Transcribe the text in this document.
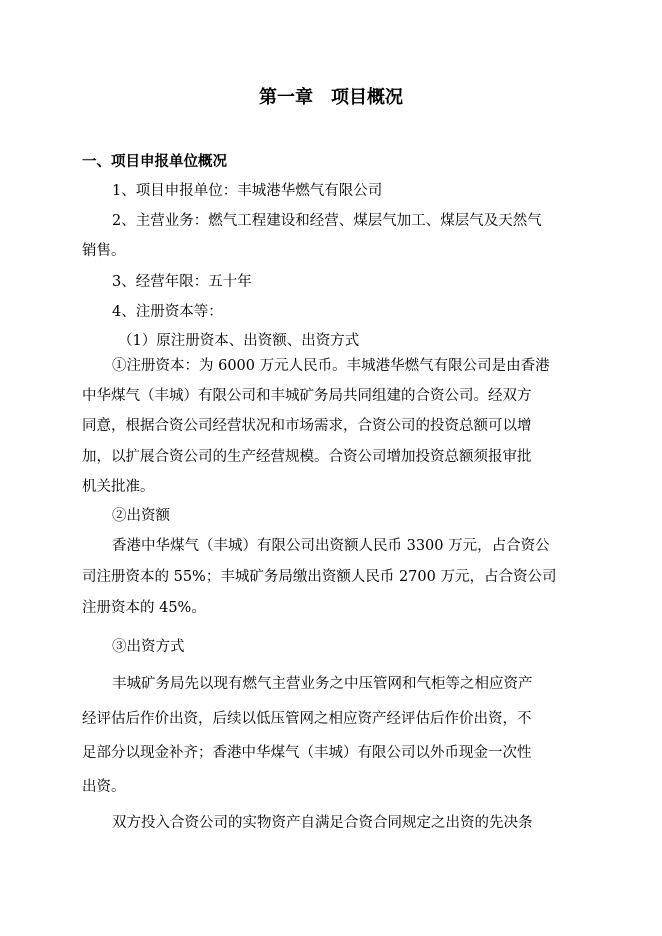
第一章　项目概况
一、项目申报单位概况
1、项目申报单位：丰城港华燃气有限公司
2、主营业务：燃气工程建设和经营、煤层气加工、煤层气及天然气
销售。
3、经营年限：五十年
4、注册资本等：
（1）原注册资本、出资额、出资方式
①注册资本：为 6000 万元人民币。丰城港华燃气有限公司是由香港
中华煤气（丰城）有限公司和丰城矿务局共同组建的合资公司。经双方
同意，根据合资公司经营状况和市场需求，合资公司的投资总额可以增
加，以扩展合资公司的生产经营规模。合资公司增加投资总额须报审批
机关批准。
②出资额
香港中华煤气（丰城）有限公司出资额人民币 3300 万元，占合资公
司注册资本的 55%；丰城矿务局缴出资额人民币 2700 万元，占合资公司
注册资本的 45%。
③出资方式
丰城矿务局先以现有燃气主营业务之中压管网和气柜等之相应资产
经评估后作价出资，后续以低压管网之相应资产经评估后作价出资，不
足部分以现金补齐；香港中华煤气（丰城）有限公司以外币现金一次性
出资。
双方投入合资公司的实物资产自满足合资合同规定之出资的先决条
